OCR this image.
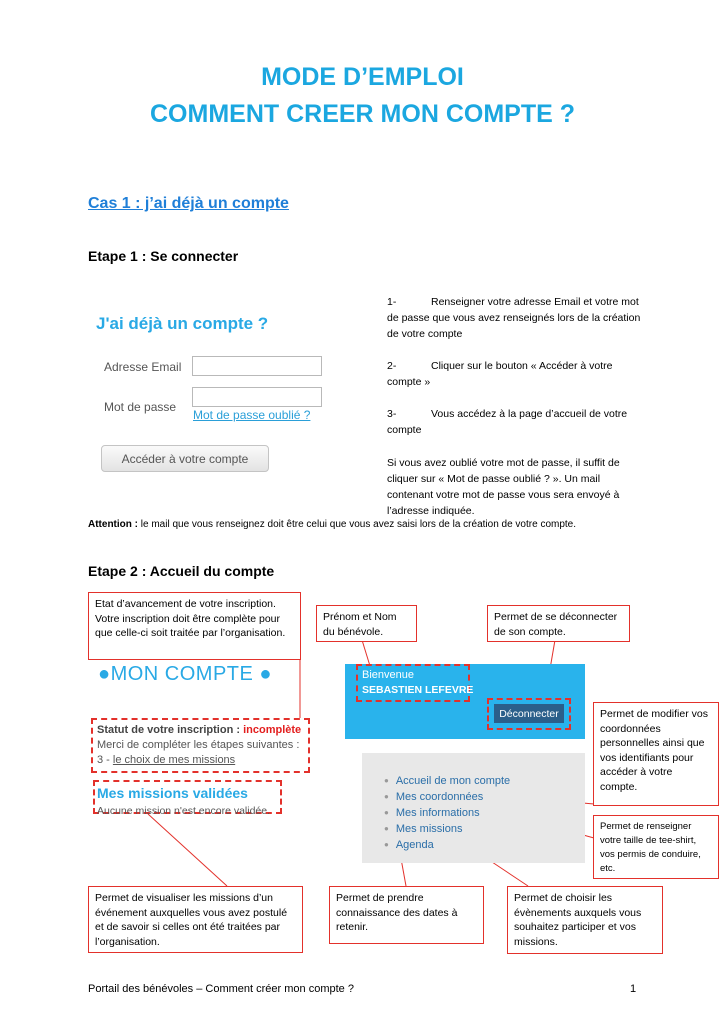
MODE D’EMPLOI
COMMENT CREER MON COMPTE ?
Cas 1 : j’ai déjà un compte
Etape 1 : Se connecter
J'ai déjà un compte ?
Adresse Email
Mot de passe
Mot de passe oublié ?
Accéder à votre compte
1-	Renseigner votre adresse Email et votre mot de passe que vous avez renseignés lors de la création de votre compte
2-	Cliquer sur le bouton « Accéder à votre compte »
3-	Vous accédez à la page d’accueil de votre compte
Si vous avez oublié votre mot de passe, il suffit de cliquer sur « Mot de passe oublié ? ». Un mail contenant votre mot de passe vous sera envoyé à l’adresse indiquée.
Attention : le mail que vous renseignez doit être celui que vous avez saisi lors de la création de votre compte.
Etape 2 : Accueil du compte
Etat d’avancement de votre inscription. Votre inscription doit être complète pour que celle-ci soit traitée par l’organisation.
Prénom et Nom du bénévole.
Permet de se déconnecter de son compte.
Permet de modifier vos coordonnées personnelles ainsi que vos identifiants pour accéder à votre compte.
Permet de renseigner votre taille de tee-shirt, vos permis de conduire, etc.
Permet de visualiser les missions d’un événement auxquelles vous avez postulé et de savoir si celles ont été traitées par l’organisation.
Permet de prendre connaissance des dates à retenir.
Permet de choisir les évènements auxquels vous souhaitez participer et vos missions.
●MON COMPTE ●
Statut de votre inscription : incomplète
Merci de compléter les étapes suivantes :
3 - le choix de mes missions
Mes missions validées
Aucune mission n'est encore validée.
Bienvenue
SEBASTIEN LEFEVRE
Déconnecter
● Accueil de mon compte
● Mes coordonnées
● Mes informations
● Mes missions
● Agenda
Portail des bénévoles – Comment créer mon compte ?	1
